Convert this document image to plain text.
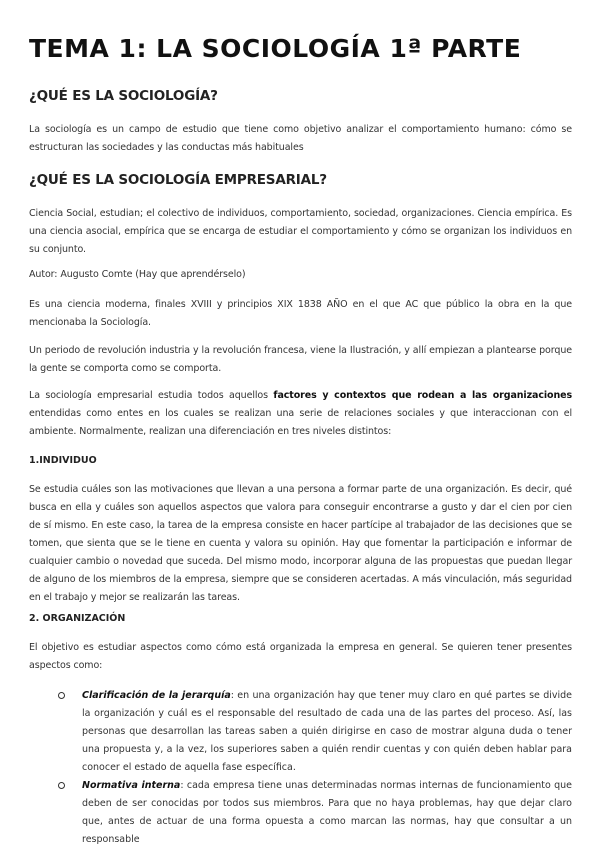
TEMA 1: LA SOCIOLOGÍA 1ª PARTE
¿QUÉ ES LA SOCIOLOGÍA?

La sociología es un campo de estudio que tiene como objetivo analizar el comportamiento humano: cómo se estructuran las sociedades y las conductas más habituales

¿QUÉ ES LA SOCIOLOGÍA EMPRESARIAL?

Ciencia Social, estudian; el colectivo de individuos, comportamiento, sociedad, organizaciones. Ciencia empírica. Es una ciencia asocial, empírica que se encarga de estudiar el comportamiento y cómo se organizan los individuos en su conjunto.

Autor: Augusto Comte (Hay que aprendérselo)

Es una ciencia moderna, finales XVIII y principios XIX 1838 AÑO en el que AC que público la obra en la que mencionaba la Sociología.

Un periodo de revolución industria y la revolución francesa, viene la Ilustración, y allí empiezan a plantearse porque la gente se comporta como se comporta.

La sociología empresarial estudia todos aquellos factores y contextos que rodean a las organizaciones entendidas como entes en los cuales se realizan una serie de relaciones sociales y que interaccionan con el ambiente. Normalmente, realizan una diferenciación en tres niveles distintos:

1.INDIVIDUO

Se estudia cuáles son las motivaciones que llevan a una persona a formar parte de una organización. Es decir, qué busca en ella y cuáles son aquellos aspectos que valora para conseguir encontrarse a gusto y dar el cien por cien de sí mismo. En este caso, la tarea de la empresa consiste en hacer partícipe al trabajador de las decisiones que se tomen, que sienta que se le tiene en cuenta y valora su opinión. Hay que fomentar la participación e informar de cualquier cambio o novedad que suceda. Del mismo modo, incorporar alguna de las propuestas que puedan llegar de alguno de los miembros de la empresa, siempre que se consideren acertadas. A más vinculación, más seguridad en el trabajo y mejor se realizarán las tareas.

2. ORGANIZACIÓN

El objetivo es estudiar aspectos como cómo está organizada la empresa en general. Se quieren tener presentes aspectos como:

Clarificación de la jerarquía: en una organización hay que tener muy claro en qué partes se divide la organización y cuál es el responsable del resultado de cada una de las partes del proceso. Así, las personas que desarrollan las tareas saben a quién dirigirse en caso de mostrar alguna duda o tener una propuesta y, a la vez, los superiores saben a quién rendir cuentas y con quién deben hablar para conocer el estado de aquella fase específica.
Normativa interna: cada empresa tiene unas determinadas normas internas de funcionamiento que deben de ser conocidas por todos sus miembros. Para que no haya problemas, hay que dejar claro que, antes de actuar de una forma opuesta a como marcan las normas, hay que consultar a un responsable
